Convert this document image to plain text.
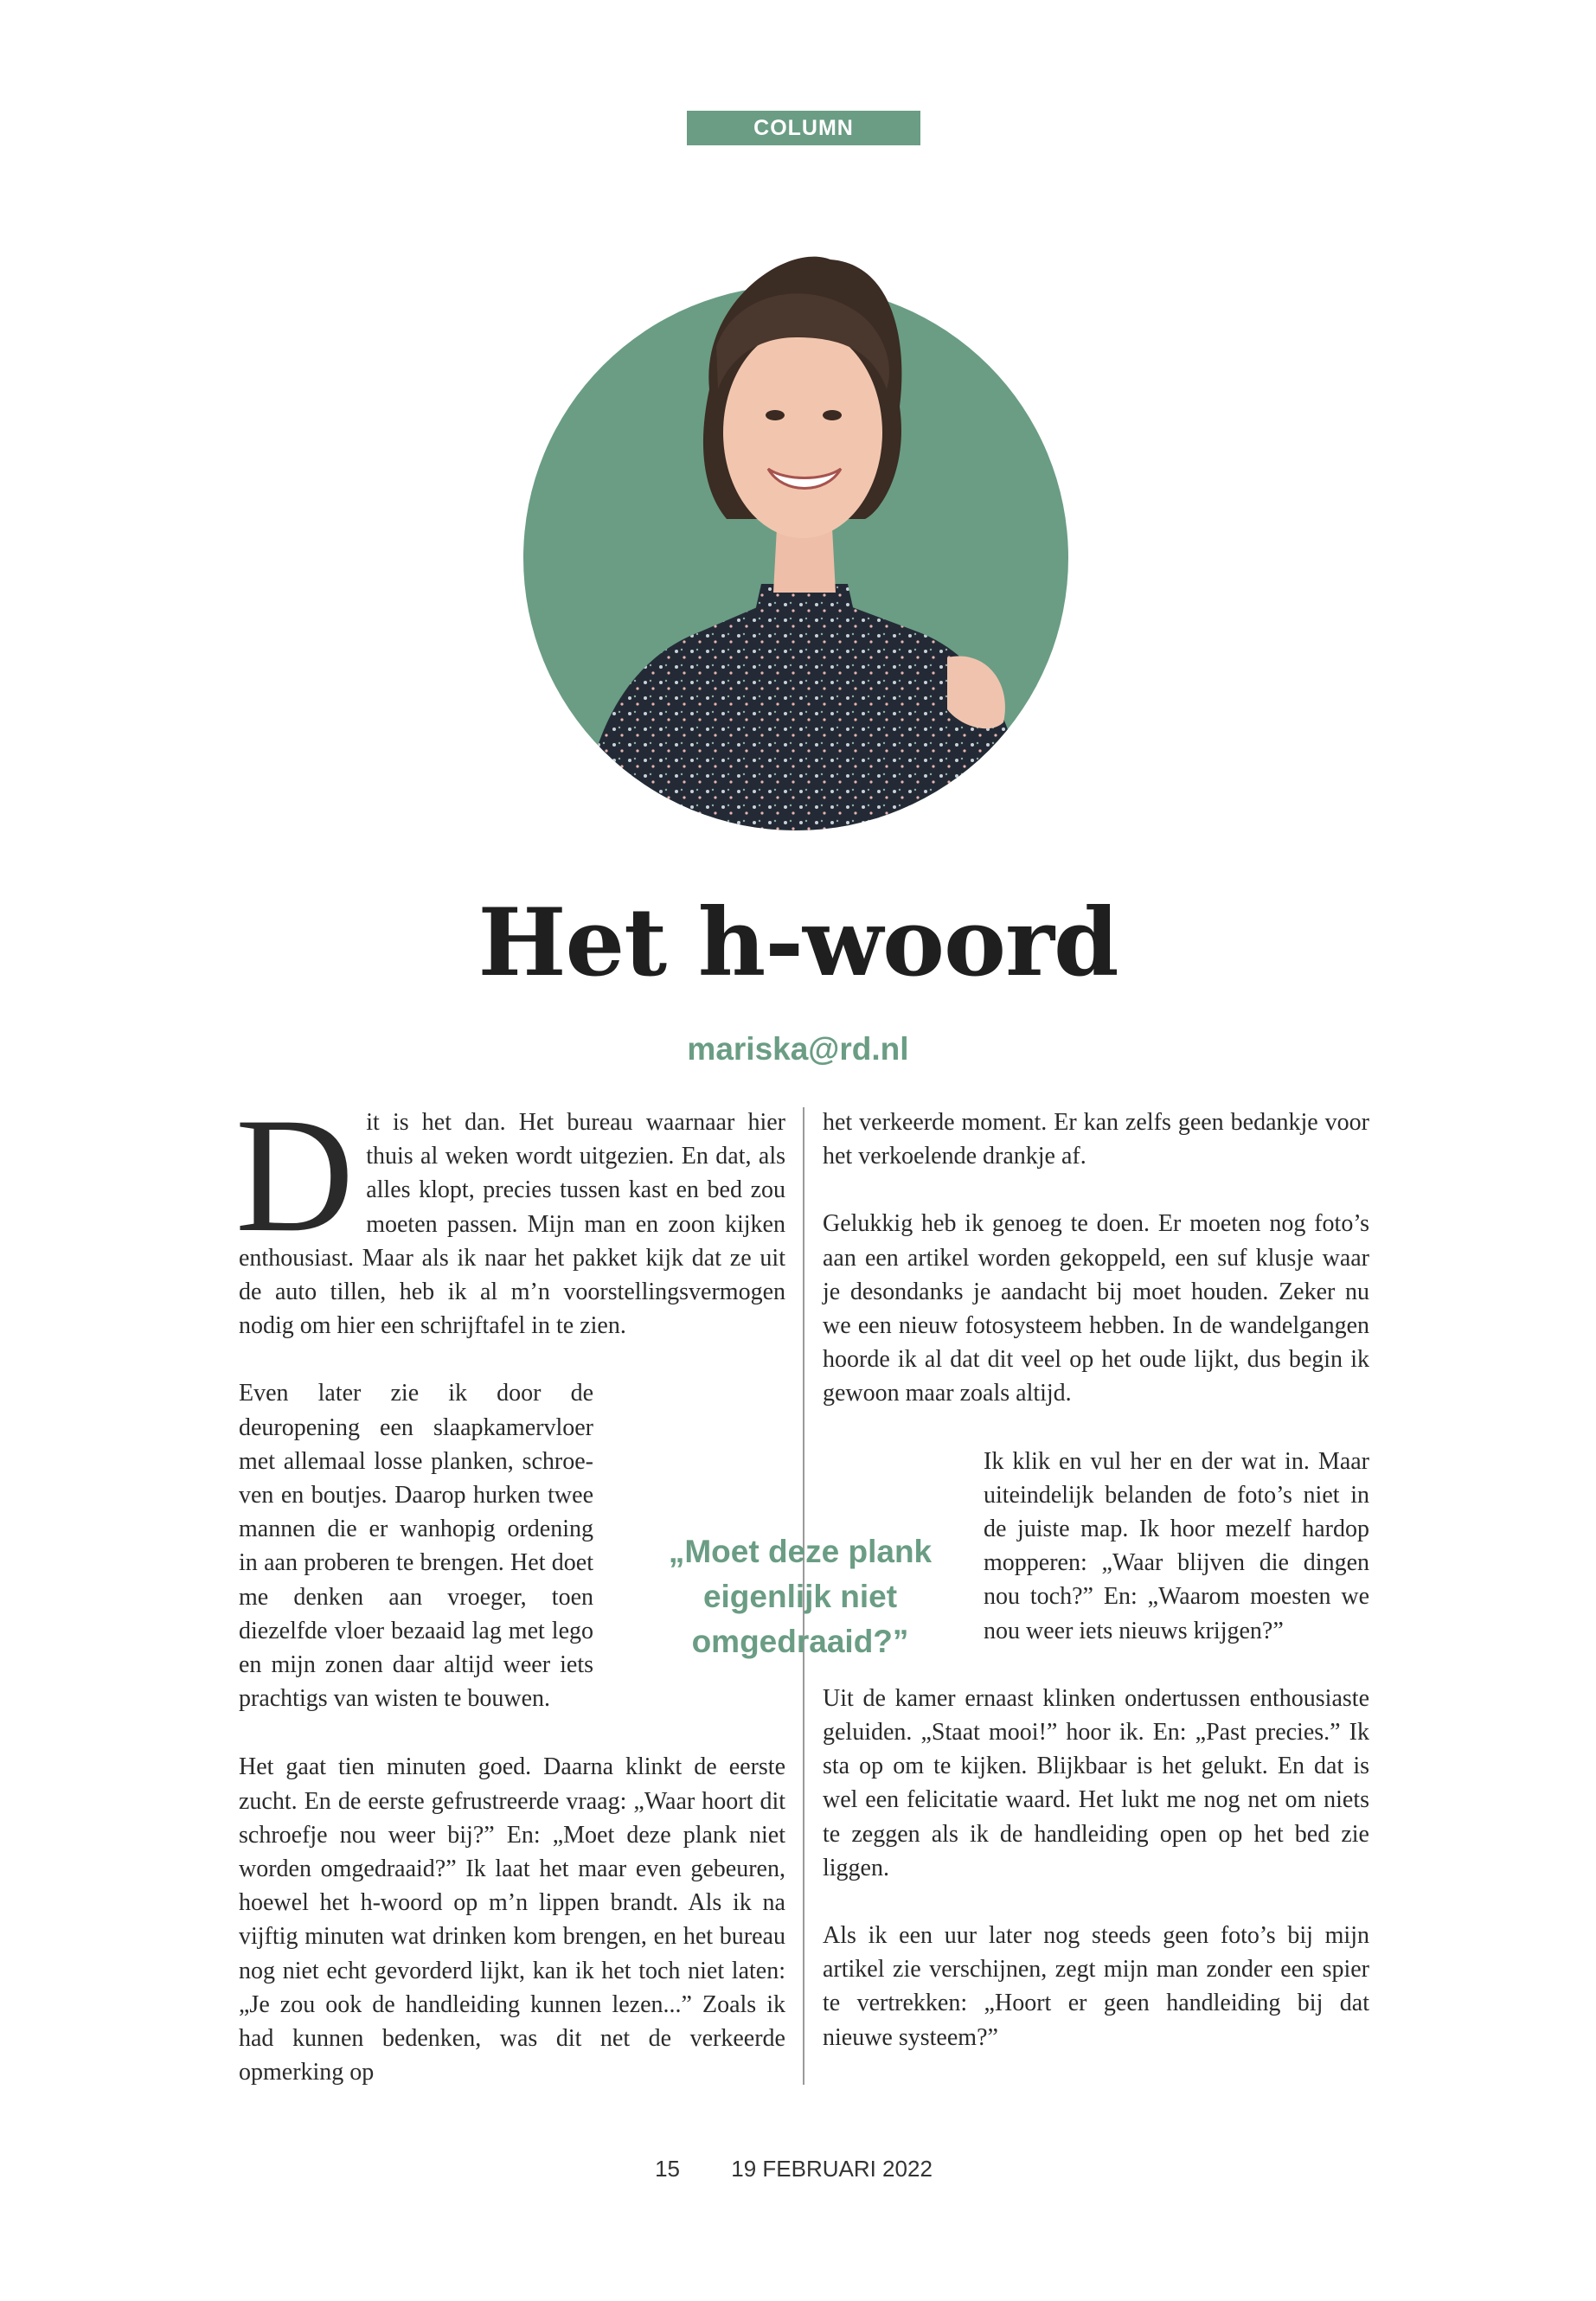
COLUMN
Het h-woord
mariska@rd.nl

Dit is het dan. Het bureau waarnaar hier thuis al weken wordt uitgezien. En dat, als alles klopt, precies tussen kast en bed zou moeten passen. Mijn man en zoon kijken enthousiast. Maar als ik naar het pakket kijk dat ze uit de auto tillen, heb ik al m’n voorstellingsvermogen nodig om hier een schrijftafel in te zien.

Even later zie ik door de deuropening een slaapkamervloer met allemaal losse planken, schroeven en boutjes. Daarop hurken twee mannen die er wanhopig ordening in aan proberen te brengen. Het doet me denken aan vroeger, toen diezelfde vloer bezaaid lag met lego en mijn zonen daar altijd weer iets prachtigs van wisten te bouwen.

Het gaat tien minuten goed. Daarna klinkt de eerste zucht. En de eerste gefrustreerde vraag: „Waar hoort dit schroefje nou weer bij?” En: „Moet deze plank niet worden omgedraaid?” Ik laat het maar even gebeuren, hoewel het h-woord op m’n lippen brandt. Als ik na vijftig minuten wat drinken kom brengen, en het bureau nog niet echt gevorderd lijkt, kan ik het toch niet laten: „Je zou ook de handleiding kunnen lezen...” Zoals ik had kunnen bedenken, was dit net de verkeerde opmerking op

het verkeerde moment. Er kan zelfs geen bedankje voor het verkoelende drankje af.

Gelukkig heb ik genoeg te doen. Er moeten nog foto’s aan een artikel worden gekoppeld, een suf klusje waar je desondanks je aandacht bij moet houden. Zeker nu we een nieuw fotosysteem hebben. In de wandelgangen hoorde ik al dat dit veel op het oude lijkt, dus begin ik gewoon maar zoals altijd.

Ik klik en vul her en der wat in. Maar uiteindelijk belanden de foto’s niet in de juiste map. Ik hoor mezelf hardop mopperen: „Waar blijven die dingen nou toch?” En: „Waarom moesten we nou weer iets nieuws krijgen?”

Uit de kamer ernaast klinken ondertussen enthousiaste geluiden. „Staat mooi!” hoor ik. En: „Past precies.” Ik sta op om te kijken. Blijkbaar is het gelukt. En dat is wel een felicitatie waard. Het lukt me nog net om niets te zeggen als ik de handleiding open op het bed zie liggen.

Als ik een uur later nog steeds geen foto’s bij mijn artikel zie verschijnen, zegt mijn man zonder een spier te vertrekken: „Hoort er geen handleiding bij dat nieuwe systeem?”

„Moet deze plank eigenlijk niet omgedraaid?”
15 19 FEBRUARI 2022
